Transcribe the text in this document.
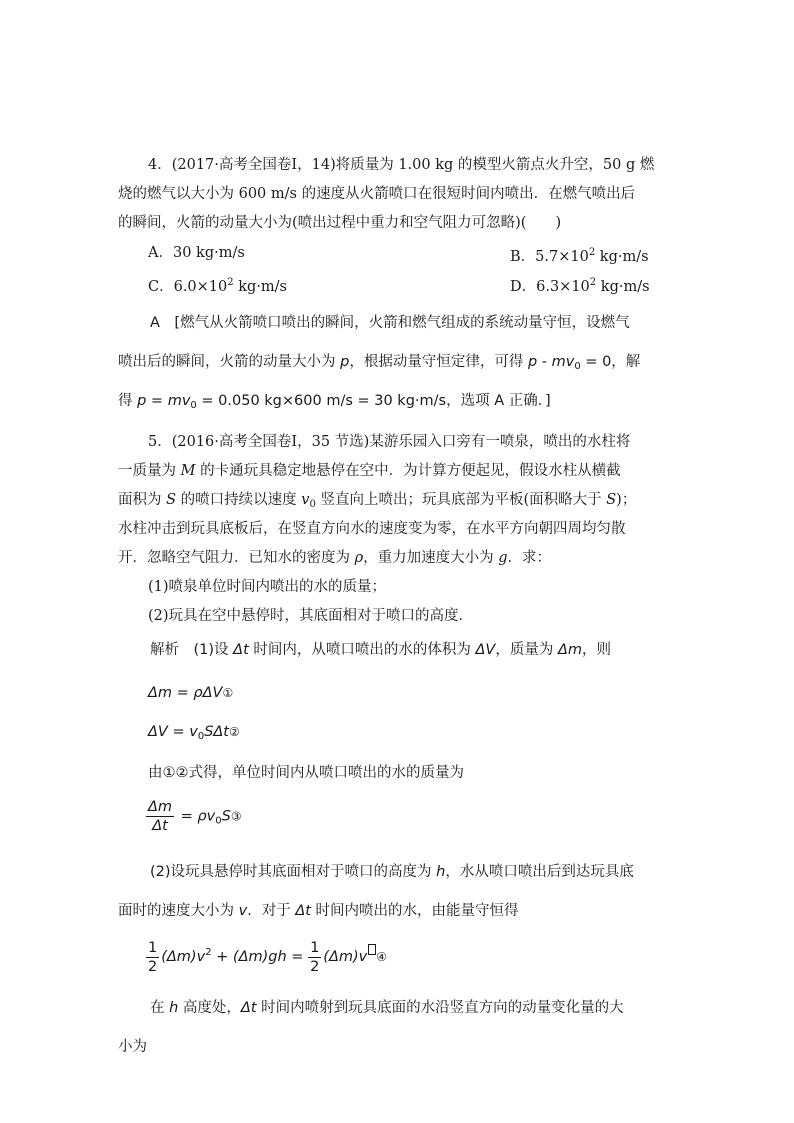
4．(2017·高考全国卷Ⅰ，14)将质量为 1.00 kg 的模型火箭点火升空，50 g 燃
烧的燃气以大小为 600 m/s 的速度从火箭喷口在很短时间内喷出．在燃气喷出后
的瞬间，火箭的动量大小为(喷出过程中重力和空气阻力可忽略)(　　)
A．30 kg·m/s	B．$5.7\times 10^2$ kg·m/s
C．$6.0\times 10^2$ kg·m/s	D．$6.3\times 10^2$ kg·m/s
A　[燃气从火箭喷口喷出的瞬间，火箭和燃气组成的系统动量守恒，设燃气
喷出后的瞬间，火箭的动量大小为 p，根据动量守恒定律，可得 $p - mv_0 = 0$，解
得 $p = mv_0 = 0.050$ kg×600 m/s = 30 kg·m/s，选项 A 正确．]
5．(2016·高考全国卷Ⅰ，35 节选)某游乐园入口旁有一喷泉，喷出的水柱将
一质量为 M 的卡通玩具稳定地悬停在空中．为计算方便起见，假设水柱从横截
面积为 S 的喷口持续以速度 $v_0$ 竖直向上喷出；玩具底部为平板(面积略大于 S)；
水柱冲击到玩具底板后，在竖直方向水的速度变为零，在水平方向朝四周均匀散
开．忽略空气阻力．已知水的密度为 ρ，重力加速度大小为 g．求：
(1)喷泉单位时间内喷出的水的质量；
(2)玩具在空中悬停时，其底面相对于喷口的高度．
解析　(1)设 Δt 时间内，从喷口喷出的水的体积为 ΔV，质量为 Δm，则
Δm = ρΔV①
$\Delta V = v_0S\Delta t②$
由①②式得，单位时间内从喷口喷出的水的质量为
$\frac{\Delta m}{\Delta t}$ = $\rho v_0S③$
(2)设玩具悬停时其底面相对于喷口的高度为 h，水从喷口喷出后到达玩具底
面时的速度大小为 v．对于 Δt 时间内喷出的水，由能量守恒得
$\frac{1}{2} (\Delta m)v^2 + (\Delta m)gh = \frac{1}{2} (\Delta m)v$ ④
在 h 高度处，Δt 时间内喷射到玩具底面的水沿竖直方向的动量变化量的大
小为
